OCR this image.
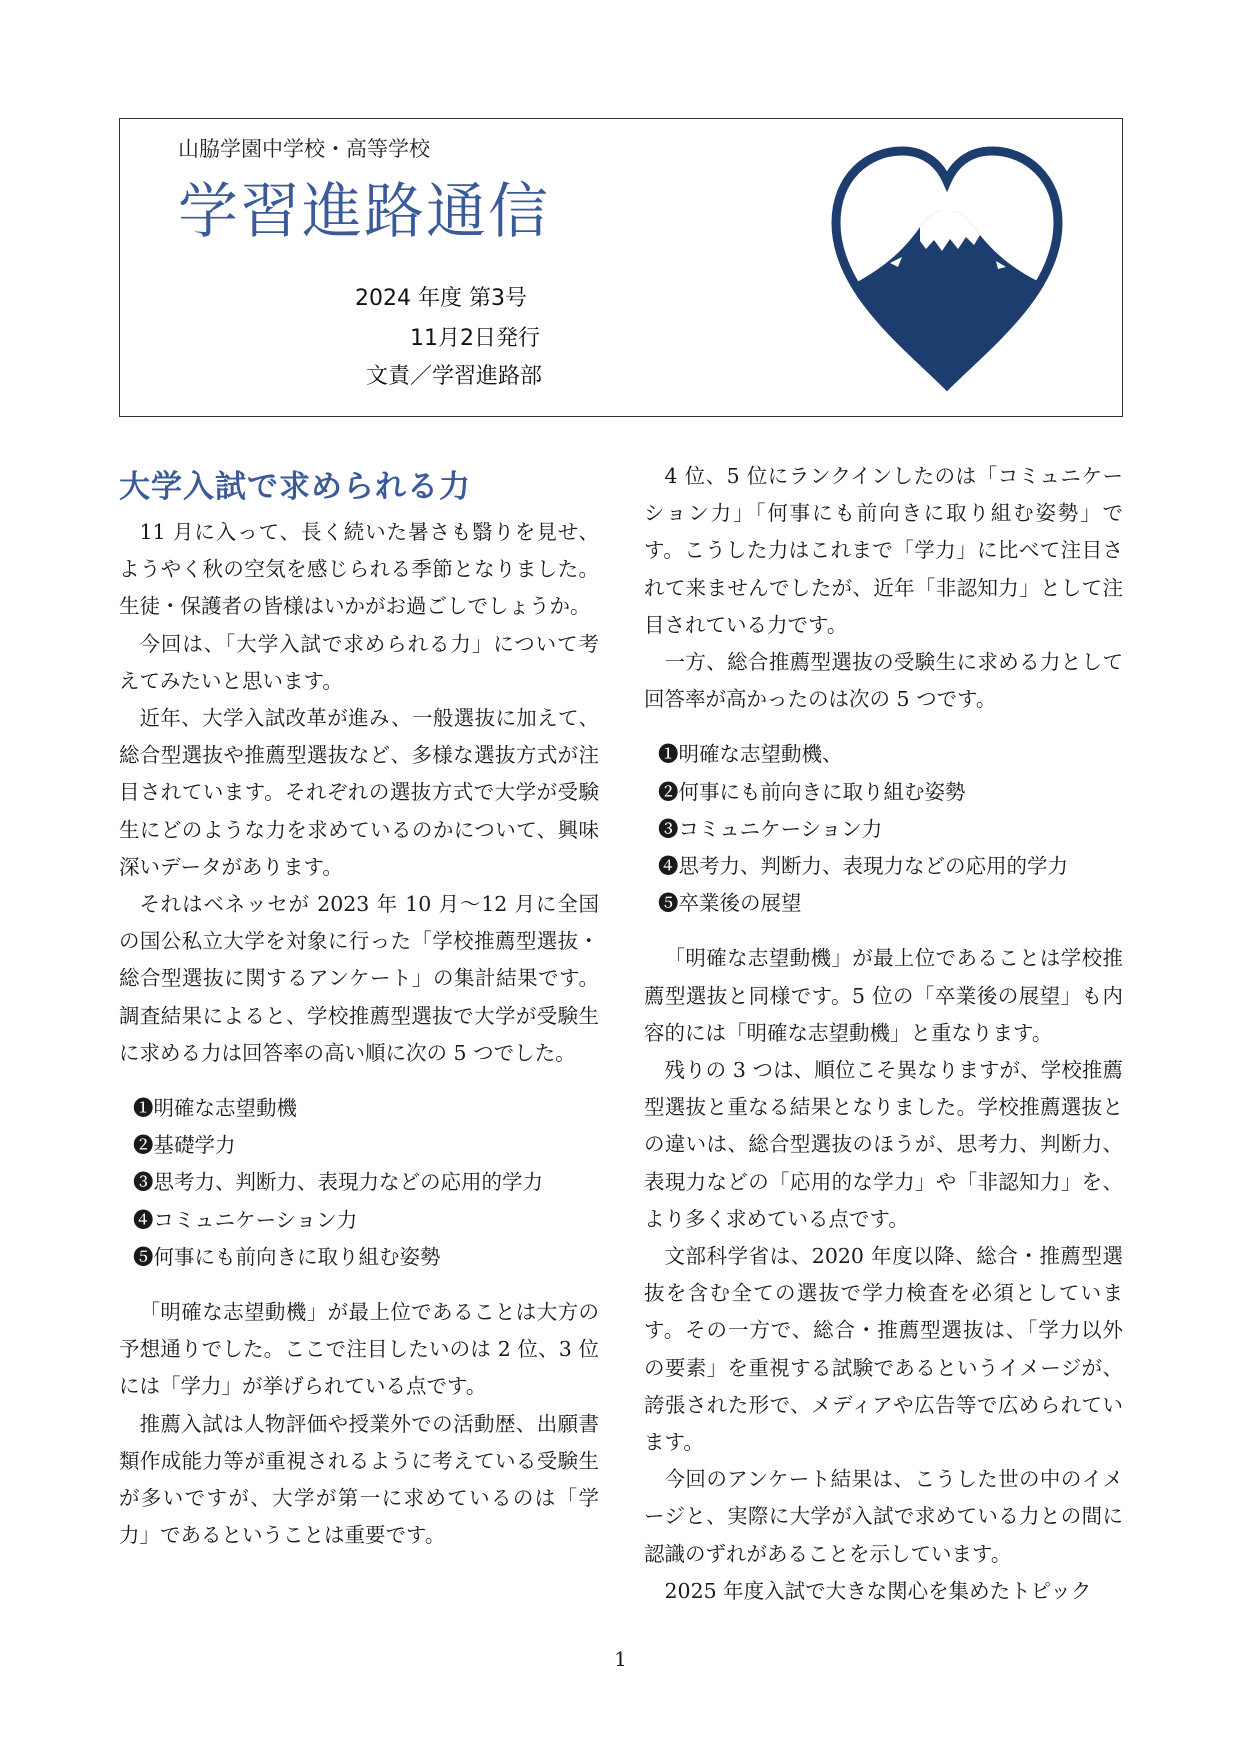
山脇学園中学校・高等学校
学習進路通信
2024 年度 第3号
11月2日発行
文責／学習進路部
大学入試で求められる力

11 月に入って、長く続いた暑さも翳りを見せ、ようやく秋の空気を感じられる季節となりました。生徒・保護者の皆様はいかがお過ごしでしょうか。

今回は、「大学入試で求められる力」について考えてみたいと思います。

近年、大学入試改革が進み、一般選抜に加えて、総合型選抜や推薦型選抜など、多様な選抜方式が注目されています。それぞれの選抜方式で大学が受験生にどのような力を求めているのかについて、興味深いデータがあります。

それはベネッセが 2023 年 10 月〜12 月に全国の国公私立大学を対象に行った「学校推薦型選抜・総合型選抜に関するアンケート」の集計結果です。調査結果によると、学校推薦型選抜で大学が受験生に求める力は回答率の高い順に次の 5 つでした。

❶明確な志望動機
❷基礎学力
❸思考力、判断力、表現力などの応用的学力
❹コミュニケーション力
❺何事にも前向きに取り組む姿勢

「明確な志望動機」が最上位であることは大方の予想通りでした。ここで注目したいのは 2 位、3 位には「学力」が挙げられている点です。

推薦入試は人物評価や授業外での活動歴、出願書類作成能力等が重視されるように考えている受験生が多いですが、大学が第一に求めているのは「学力」であるということは重要です。

4 位、5 位にランクインしたのは「コミュニケーション力」「何事にも前向きに取り組む姿勢」です。こうした力はこれまで「学力」に比べて注目されて来ませんでしたが、近年「非認知力」として注目されている力です。

一方、総合推薦型選抜の受験生に求める力として回答率が高かったのは次の 5 つです。

❶明確な志望動機、
❷何事にも前向きに取り組む姿勢
❸コミュニケーション力
❹思考力、判断力、表現力などの応用的学力
❺卒業後の展望

「明確な志望動機」が最上位であることは学校推薦型選抜と同様です。5 位の「卒業後の展望」も内容的には「明確な志望動機」と重なります。

残りの 3 つは、順位こそ異なりますが、学校推薦型選抜と重なる結果となりました。学校推薦選抜との違いは、総合型選抜のほうが、思考力、判断力、表現力などの「応用的な学力」や「非認知力」を、より多く求めている点です。

文部科学省は、2020 年度以降、総合・推薦型選抜を含む全ての選抜で学力検査を必須としています。その一方で、総合・推薦型選抜は、「学力以外の要素」を重視する試験であるというイメージが、誇張された形で、メディアや広告等で広められています。

今回のアンケート結果は、こうした世の中のイメージと、実際に大学が入試で求めている力との間に認識のずれがあることを示しています。

2025 年度入試で大きな関心を集めたトピック

1
